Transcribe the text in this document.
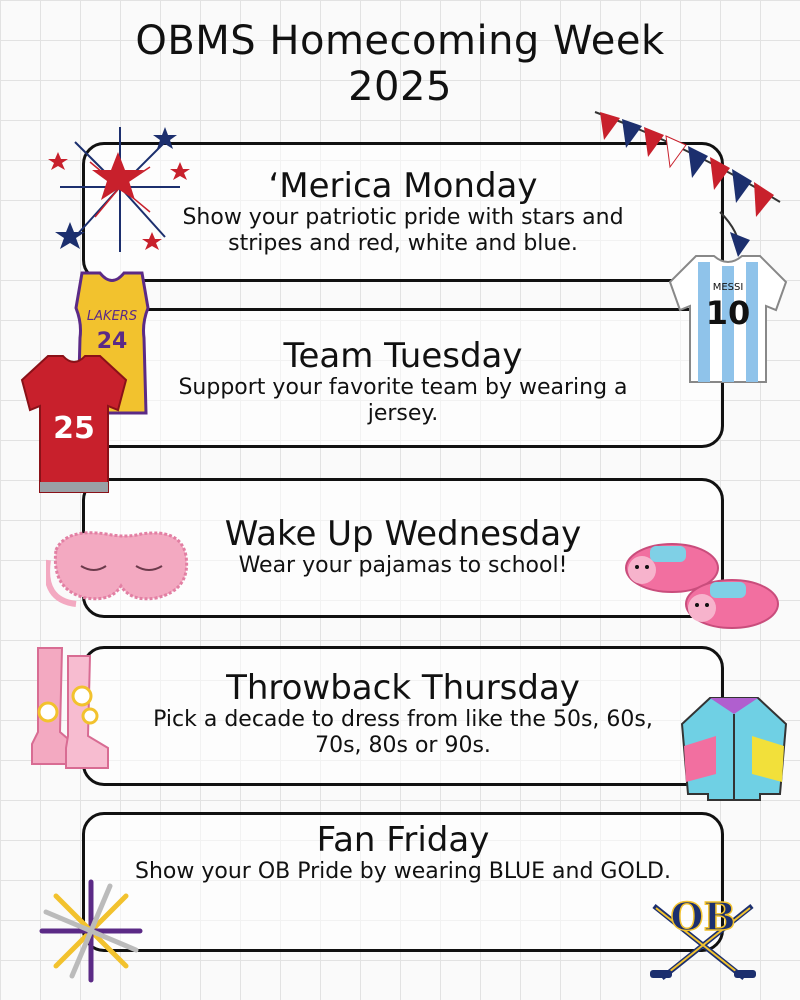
OBMS Homecoming Week
2025
‘Merica Monday
Show your patriotic pride with stars and
stripes and red, white and blue.
Team Tuesday
Support your favorite team by wearing a
jersey.
Wake Up Wednesday
Wear your pajamas to school!
Throwback Thursday
Pick a decade to dress from like the 50s, 60s,
70s, 80s or 90s.
Fan Friday
Show your OB Pride by wearing BLUE and GOLD.
LAKERS
24
25
MESSI
10
OB
